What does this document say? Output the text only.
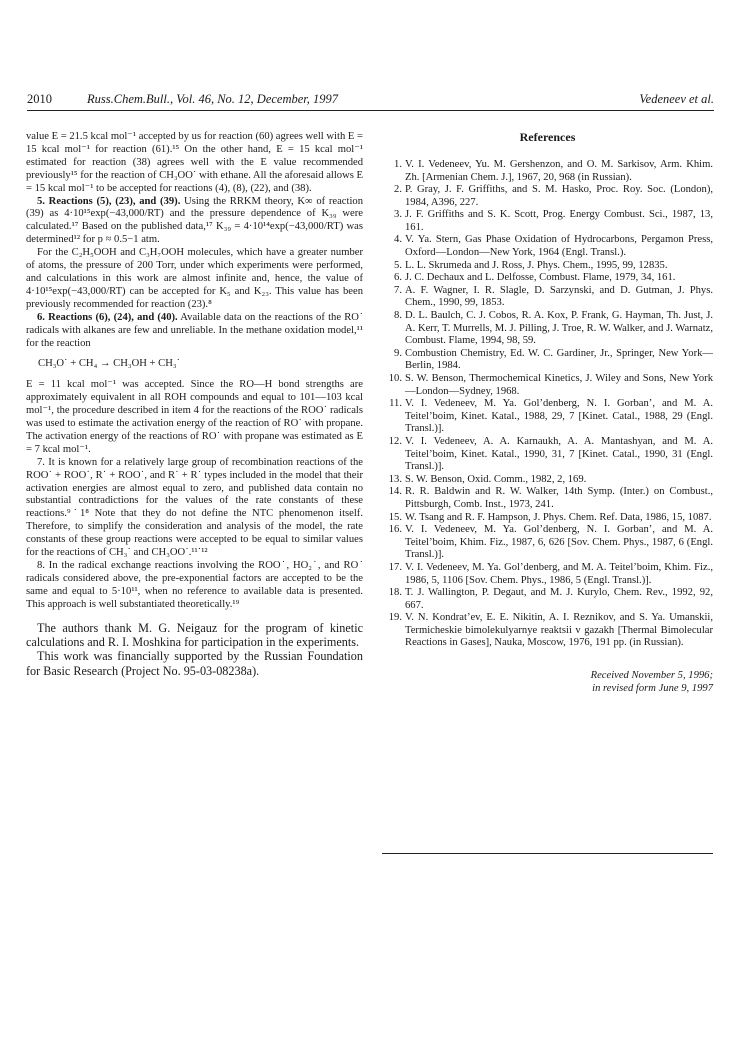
2010	Russ.Chem.Bull., Vol. 46, No. 12, December, 1997	Vedeneev et al.

value E = 21.5 kcal mol⁻¹ accepted by us for reaction (60) agrees well with E = 15 kcal mol⁻¹ for reaction (61).¹⁵ On the other hand, E = 15 kcal mol⁻¹ estimated for reaction (38) agrees well with the E value recommended previously¹⁵ for the reaction of CH₃OO˙ with ethane. All the aforesaid allows E = 15 kcal mol⁻¹ to be accepted for reactions (4), (8), (22), and (38).

5. Reactions (5), (23), and (39). Using the RRKM theory, K∞ of reaction (39) as 4·10¹⁵exp(−43,000/RT) and the pressure dependence of K₃₉ were calculated.¹⁷ Based on the published data,¹⁷ K₃₉ = 4·10¹⁴exp(−43,000/RT) was determined¹² for p ≈ 0.5−1 atm.

For the C₂H₅OOH and C₃H₇OOH molecules, which have a greater number of atoms, the pressure of 200 Torr, under which experiments were performed, and calculations in this work are almost infinite and, hence, the value of 4·10¹⁵exp(−43,000/RT) can be accepted for K₅ and K₂₃. This value has been previously recommended for reaction (23).⁸

6. Reactions (6), (24), and (40). Available data on the reactions of the RO˙ radicals with alkanes are few and unreliable. In the methane oxidation model,¹¹ for the reaction

CH₃O˙ + CH₄ → CH₃OH + CH₃˙

E = 11 kcal mol⁻¹ was accepted. Since the RO—H bond strengths are approximately equivalent in all ROH compounds and equal to 101—103 kcal mol⁻¹, the procedure described in item 4 for the reactions of the ROO˙ radicals was used to estimate the activation energy of the reaction of RO˙ with propane. The activation energy of the reactions of RO˙ with propane was estimated as E = 7 kcal mol⁻¹.

7. It is known for a relatively large group of recombination reactions of the ROO˙ + ROO˙, R˙ + ROO˙, and R˙ + R˙ types included in the model that their activation energies are almost equal to zero, and published data contain no substantial contradictions for the values of the rate constants of these reactions.⁹˙1⁸ Note that they do not define the NTC phenomenon itself. Therefore, to simplify the consideration and analysis of the model, the rate constants of these group reactions were accepted to be equal to similar values for the reactions of CH₃˙ and CH₃OO˙.¹¹˙¹²

8. In the radical exchange reactions involving the ROO˙, HO₂˙, and RO˙ radicals considered above, the pre-exponential factors are accepted to be the same and equal to 5·10¹¹, when no reference to available data is presented. This approach is well substantiated theoretically.¹⁹

The authors thank M. G. Neigauz for the program of kinetic calculations and R. I. Moshkina for participation in the experiments.

This work was financially supported by the Russian Foundation for Basic Research (Project No. 95-03-08238a).

References
1. V. I. Vedeneev, Yu. M. Gershenzon, and O. M. Sarkisov, Arm. Khim. Zh. [Armenian Chem. J.], 1967, 20, 968 (in Russian).
2. P. Gray, J. F. Griffiths, and S. M. Hasko, Proc. Roy. Soc. (London), 1984, A396, 227.
3. J. F. Griffiths and S. K. Scott, Prog. Energy Combust. Sci., 1987, 13, 161.
4. V. Ya. Stern, Gas Phase Oxidation of Hydrocarbons, Pergamon Press, Oxford—London—New York, 1964 (Engl. Transl.).
5. L. L. Skrumeda and J. Ross, J. Phys. Chem., 1995, 99, 12835.
6. J. C. Dechaux and L. Delfosse, Combust. Flame, 1979, 34, 161.
7. A. F. Wagner, I. R. Slagle, D. Sarzynski, and D. Gutman, J. Phys. Chem., 1990, 99, 1853.
8. D. L. Baulch, C. J. Cobos, R. A. Kox, P. Frank, G. Hayman, Th. Just, J. A. Kerr, T. Murrells, M. J. Pilling, J. Troe, R. W. Walker, and J. Warnatz, Combust. Flame, 1994, 98, 59.
9. Combustion Chemistry, Ed. W. C. Gardiner, Jr., Springer, New York—Berlin, 1984.
10. S. W. Benson, Thermochemical Kinetics, J. Wiley and Sons, New York—London—Sydney, 1968.
11. V. I. Vedeneev, M. Ya. Gol’denberg, N. I. Gorban’, and M. A. Teitel’boim, Kinet. Katal., 1988, 29, 7 [Kinet. Catal., 1988, 29 (Engl. Transl.)].
12. V. I. Vedeneev, A. A. Karnaukh, A. A. Mantashyan, and M. A. Teitel’boim, Kinet. Katal., 1990, 31, 7 [Kinet. Catal., 1990, 31 (Engl. Transl.)].
13. S. W. Benson, Oxid. Comm., 1982, 2, 169.
14. R. R. Baldwin and R. W. Walker, 14th Symp. (Inter.) on Combust., Pittsburgh, Comb. Inst., 1973, 241.
15. W. Tsang and R. F. Hampson, J. Phys. Chem. Ref. Data, 1986, 15, 1087.
16. V. I. Vedeneev, M. Ya. Gol’denberg, N. I. Gorban’, and M. A. Teitel’boim, Khim. Fiz., 1987, 6, 626 [Sov. Chem. Phys., 1987, 6 (Engl. Transl.)].
17. V. I. Vedeneev, M. Ya. Gol’denberg, and M. A. Teitel’boim, Khim. Fiz., 1986, 5, 1106 [Sov. Chem. Phys., 1986, 5 (Engl. Transl.)].
18. T. J. Wallington, P. Degaut, and M. J. Kurylo, Chem. Rev., 1992, 92, 667.
19. V. N. Kondrat’ev, E. E. Nikitin, A. I. Reznikov, and S. Ya. Umanskii, Termicheskie bimolekulyarnye reaktsii v gazakh [Thermal Bimolecular Reactions in Gases], Nauka, Moscow, 1976, 191 pp. (in Russian).
Received November 5, 1996;
in revised form June 9, 1997
